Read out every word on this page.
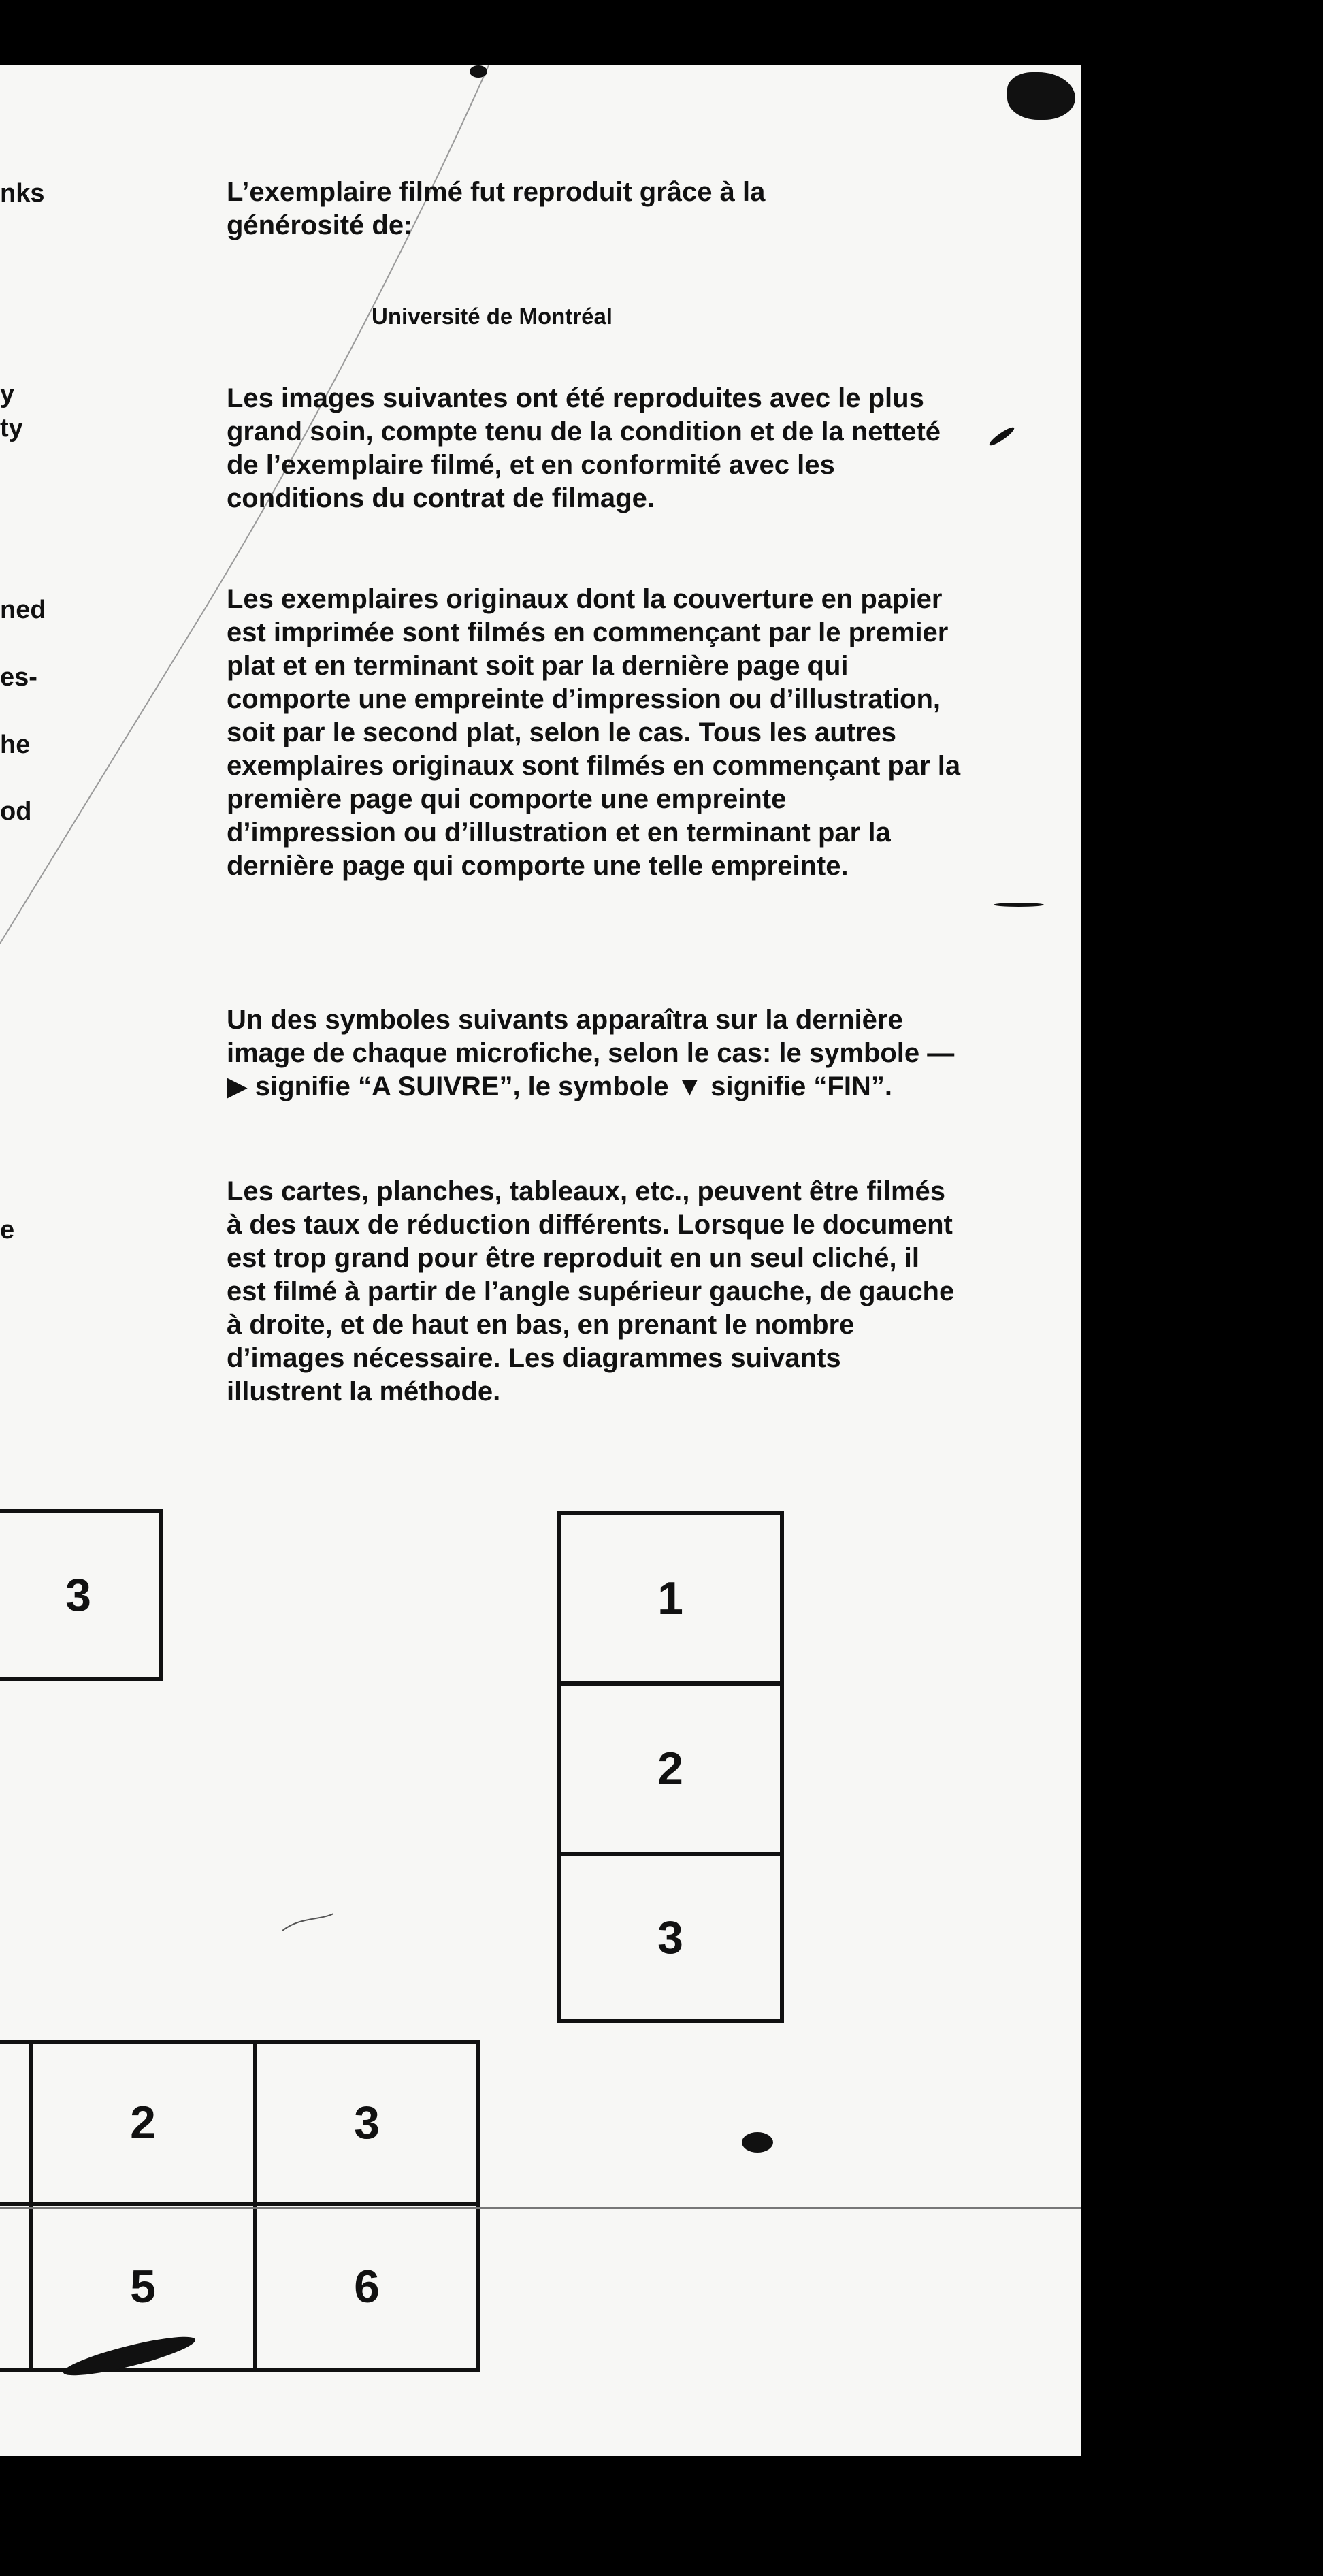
nks
y
ty
ned
es-
he
od
e

L’exemplaire filmé fut reproduit grâce à la

générosité de:

Université de Montréal

Les images suivantes ont été reproduites avec le plus grand soin, compte tenu de la condition et de la netteté de l’exemplaire filmé, et en conformité avec les conditions du contrat de filmage.

Les exemplaires originaux dont la couverture en papier est imprimée sont filmés en commençant par le premier plat et en terminant soit par la dernière page qui comporte une empreinte d’impression ou d’illustration, soit par le second plat, selon le cas. Tous les autres exemplaires originaux sont filmés en commençant par la première page qui comporte une empreinte d’impression ou d’illustration et en terminant par la dernière page qui comporte une telle empreinte.

Un des symboles suivants apparaîtra sur la dernière image de chaque microfiche, selon le cas: le symbole —▶ signifie “A SUIVRE”, le symbole ▼ signifie “FIN”.

Les cartes, planches, tableaux, etc., peuvent être filmés à des taux de réduction différents. Lorsque le document est trop grand pour être reproduit en un seul cliché, il est filmé à partir de l’angle supérieur gauche, de gauche à droite, et de haut en bas, en prenant le nombre d’images nécessaire. Les diagrammes suivants illustrent la méthode.

3	1
2
3
2	3
5	6
